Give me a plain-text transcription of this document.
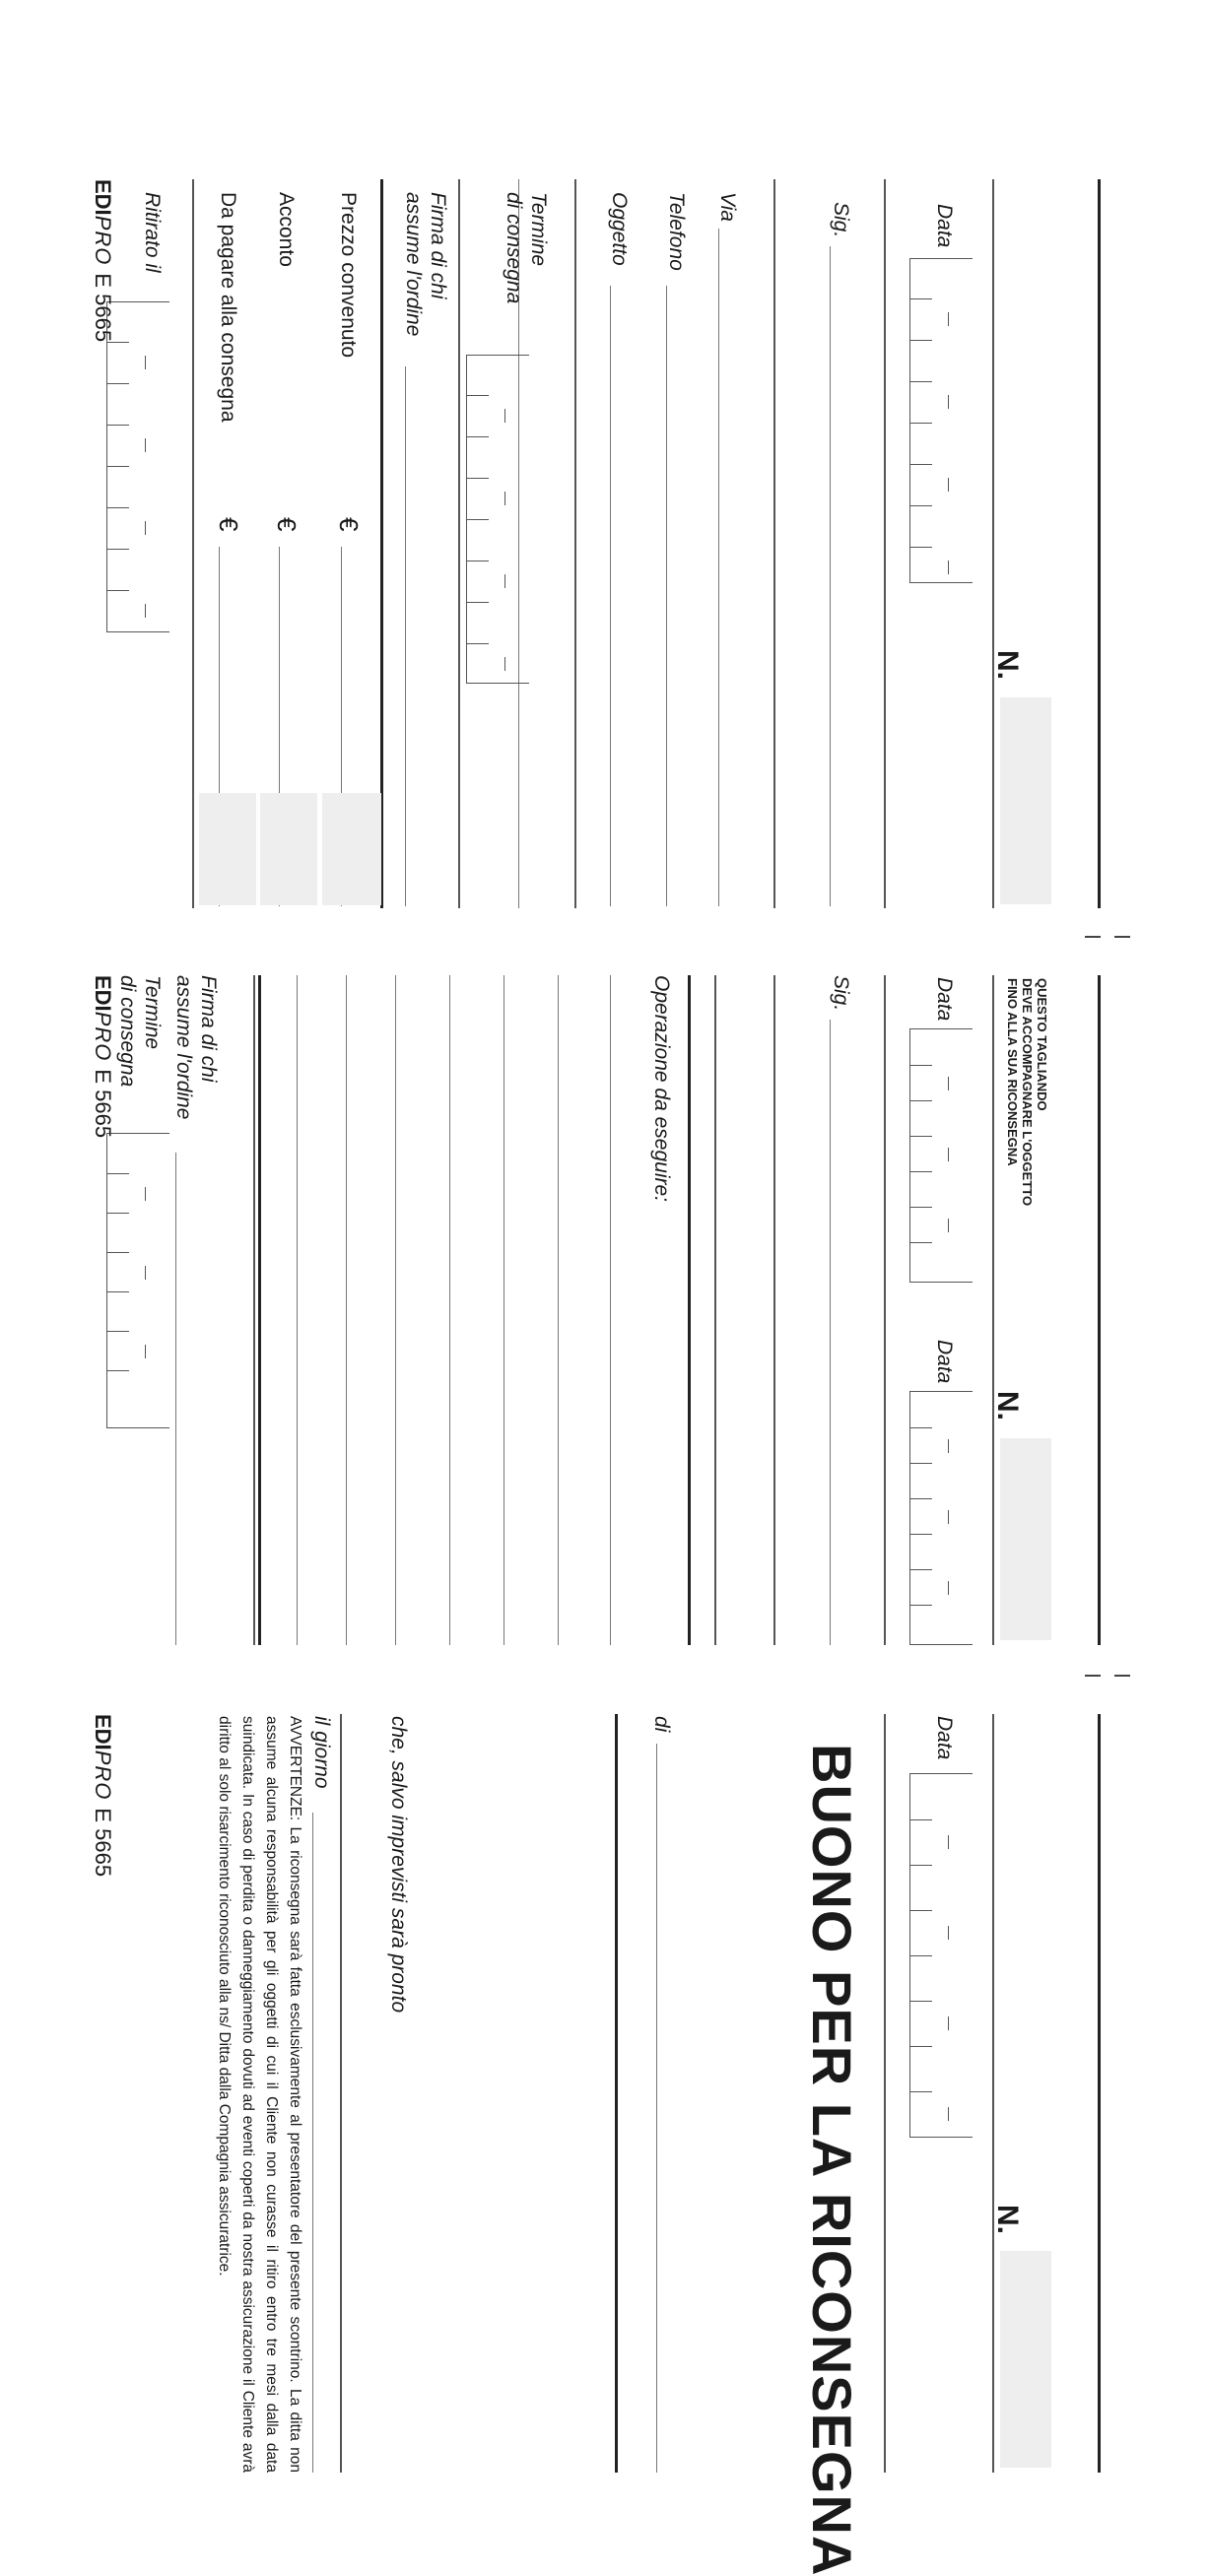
N.
Data
Sig.
Via
Telefono
Oggetto
Termine
di consegna
Firma di chi
assume l'ordine
Prezzo convenuto
€
Acconto
€
Da pagare alla consegna
€
Ritirato il
EDIPROE 5665
QUESTO TAGLIANDO
DEVE ACCOMPAGNARE L'OGGETTO
FINO ALLA SUA RICONSEGNA
N.
Data
Data
Sig.
Operazione da eseguire:
Firma di chi
assume l'ordine
Termine
di consegna
EDIPROE 5665
N.
Data
BUONO PER LA RICONSEGNA
di
che, salvo imprevisti sarà pronto
il giorno
AVVERTENZE: La riconsegna sarà fatta esclusivamente al presentatore del presente scontrino. La ditta non assume alcuna responsabilità per gli oggetti di cui il Cliente non curasse il ritiro entro tre mesi dalla data suindicata. In caso di perdita o danneggiamento dovuti ad eventi coperti da nostra assicurazione il Cliente avrà diritto al solo risarcimento riconosciuto alla ns/ Ditta dalla Compagnia assicuratrice.
EDIPROE 5665
